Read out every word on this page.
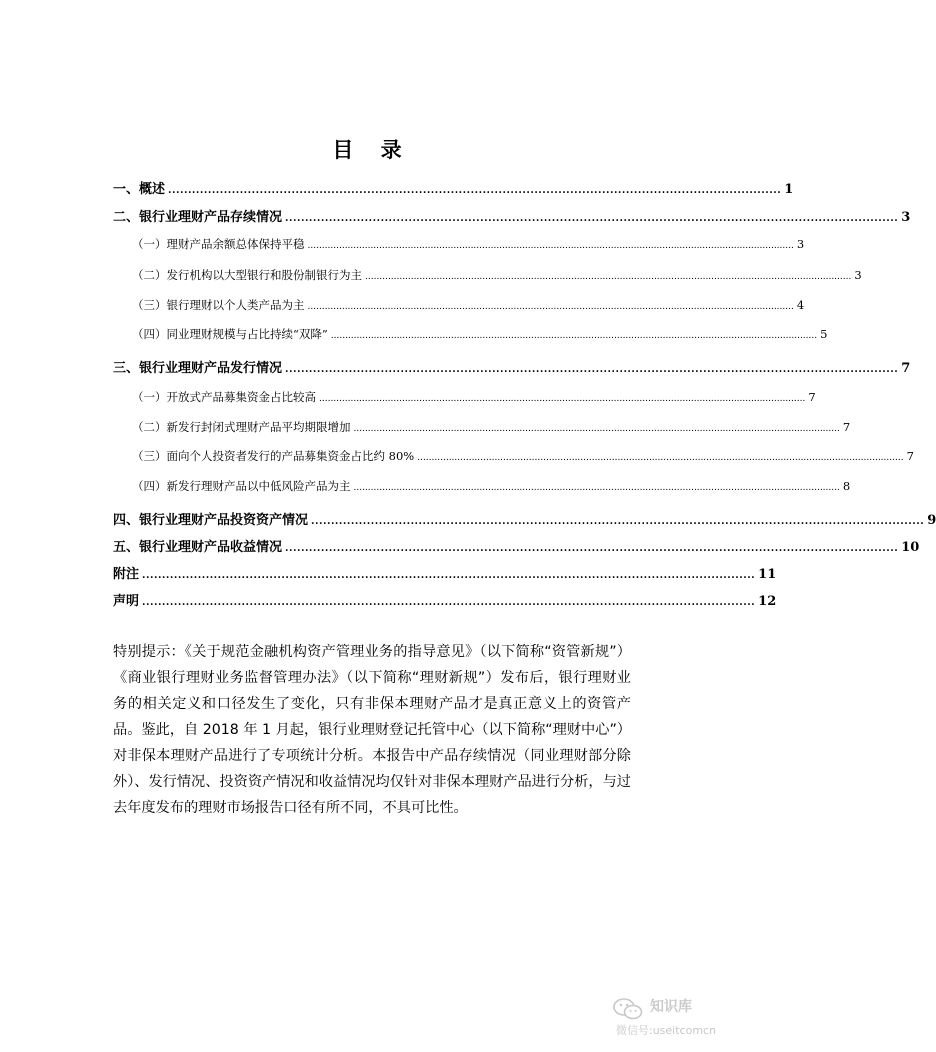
目 录
一、 概述 .......................................................................................................................................................... 1
二、 银行业理财产品存续情况 .......................................................................................................................................................... 3
（一） 理财产品余额总体保持平稳 .......................................................................................................................................................................... 3
（二） 发行机构以大型银行和股份制银行为主 .......................................................................................................................................................................... 3
（三） 银行理财以个人类产品为主 .......................................................................................................................................................................... 4
（四） 同业理财规模与占比持续“双降” .......................................................................................................................................................................... 5
三、 银行业理财产品发行情况 .......................................................................................................................................................... 7
（一） 开放式产品募集资金占比较高 .......................................................................................................................................................................... 7
（二） 新发行封闭式理财产品平均期限增加 .......................................................................................................................................................................... 7
（三） 面向个人投资者发行的产品募集资金占比约 80% .......................................................................................................................................................................... 7
（四） 新发行理财产品以中低风险产品为主 .......................................................................................................................................................................... 8
四、 银行业理财产品投资资产情况 .......................................................................................................................................................... 9
五、 银行业理财产品收益情况 .......................................................................................................................................................... 10
附注 .......................................................................................................................................................... 11
声明 .......................................................................................................................................................... 12
特别提示：《关于规范金融机构资产管理业务的指导意见》（以下简称“资管新规”）《商业银行理财业务监督管理办法》（以下简称“理财新规”）发布后，银行理财业务的相关定义和口径发生了变化，只有非保本理财产品才是真正意义上的资管产品。鉴此，自 2018 年 1 月起，银行业理财登记托管中心（以下简称“理财中心”）对非保本理财产品进行了专项统计分析。本报告中产品存续情况（同业理财部分除外）、发行情况、投资资产情况和收益情况均仅针对非保本理财产品进行分析，与过去年度发布的理财市场报告口径有所不同，不具可比性。
知识库
微信号:useitcomcn
